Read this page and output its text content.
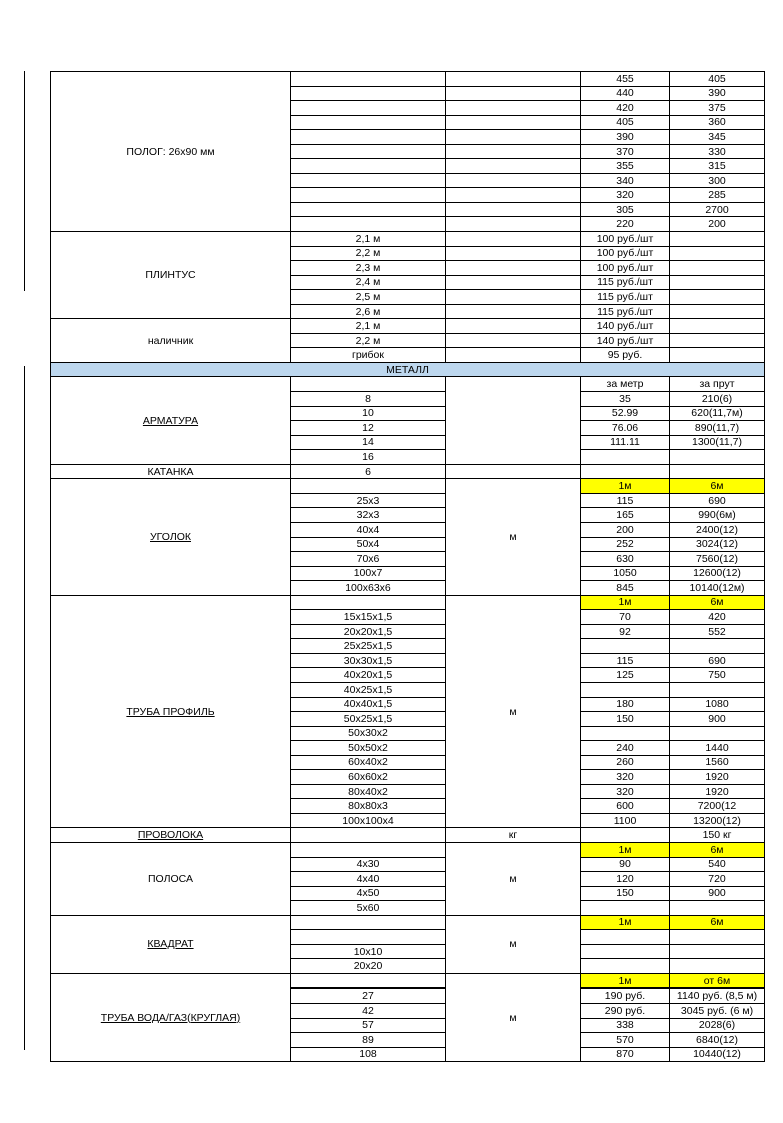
ПОЛОГ: 26х90 мм			455	405
			440	390
			420	375
			405	360
			390	345
			370	330
			355	315
			340	300
			320	285
			305	2700
			220	200
ПЛИНТУС	2,1 м		100 руб./шт	
	2,2 м		100 руб./шт	
	2,3 м		100 руб./шт	
	2,4 м		115 руб./шт	
	2,5 м		115 руб./шт	
	2,6 м		115 руб./шт	
наличник	2,1 м		140 руб./шт	
	2,2 м		140 руб./шт	
	грибок		95 руб.	
МЕТАЛЛ				
АРМАТУРА			за метр	за прут
	8		35	210(6)
	10		52.99	620(11,7м)
	12		76.06	890(11,7)
	14		111.11	1300(11,7)
	16			
КАТАНКА	6			
УГОЛОК		м	1м	6м
	25х3		115	690
	32х3		165	990(6м)
	40х4		200	2400(12)
	50х4		252	3024(12)
	70х6		630	7560(12)
	100х7		1050	12600(12)
	100х63х6		845	10140(12м)
ТРУБА ПРОФИЛЬ		м	1м	6м
	15х15х1,5		70	420
	20х20х1,5		92	552
	25х25х1,5			
	30х30х1,5		115	690
	40х20х1,5		125	750
	40х25х1,5			
	40х40х1,5		180	1080
	50х25х1,5		150	900
	50х30х2			
	50х50х2		240	1440
	60х40х2		260	1560
	60х60х2		320	1920
	80х40х2		320	1920
	80х80х3		600	7200(12
	100х100х4		1100	13200(12)
ПРОВОЛОКА		кг		150 кг
ПОЛОСА		м	1м	6м
	4х30		90	540
	4х40		120	720
	4х50		150	900
	5х60			
КВАДРАТ		м	1м	6м

	10х10			
	20х20			
ТРУБА ВОДА/ГАЗ(КРУГЛАЯ)		м	1м	от 6м
	27		190 руб.	1140 руб. (8,5 м)
	42		290 руб.	3045 руб. (6 м)
	57		338	2028(6)
	89		570	6840(12)
	108		870	10440(12)
